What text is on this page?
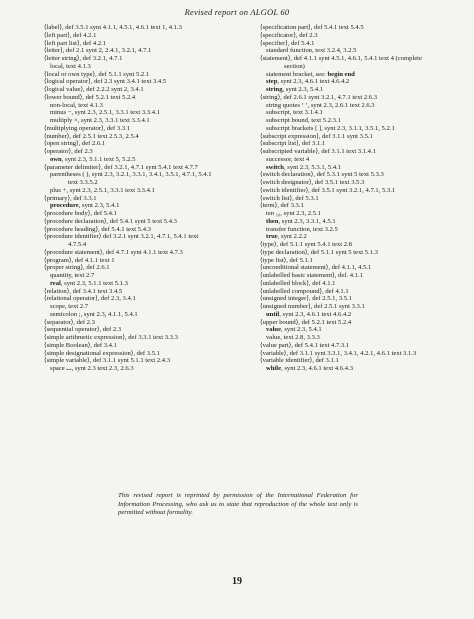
Revised report on ALGOL 60
⟨label⟩, def 3.5.1 synt 4.1.1, 4.5.1, 4.6.1 text 1, 4.1.3
⟨left part⟩, def 4.2.1
⟨left part list⟩, def 4.2.1
⟨letter⟩, def 2.1 synt 2, 2.4.1, 3.2.1, 4.7.1
⟨letter string⟩, def 3.2.1, 4.7.1
local, text 4.1.3
⟨local or own type⟩, def 5.1.1 synt 5.2.1
⟨logical operator⟩, def 2.3 synt 3.4.1 text 3.4.5
⟨logical value⟩, def 2.2.2 synt 2, 3.4.1
⟨lower bound⟩, def 5.2.1 text 5.2.4
non-local, text 4.1.3
minus −, synt 2.3, 2.5.1, 3.3.1 text 3.3.4.1
multiply ×, synt 2.3, 3.3.1 text 3.3.4.1
⟨multiplying operator⟩, def 3.3.1
⟨number⟩, def 2.5.1 text 2.5.3, 2.5.4
⟨open string⟩, def 2.6.1
⟨operator⟩, def 2.3
own, synt 2.3, 5.1.1 text 5, 5.2.5
⟨parameter delimiter⟩, def 3.2.1, 4.7.1 synt 5.4.1 text 4.7.7
parentheses ( ), synt 2.3, 3.2.1, 3.3.1, 3.4.1, 3.5.1, 4.7.1, 5.4.1
text 3.3.5.2
plus +, synt 2.3, 2.5.1, 3.3.1 text 3.3.4.1
⟨primary⟩, def 3.3.1
procedure, synt 2.3, 5.4.1
⟨procedure body⟩, def 5.4.1
⟨procedure declaration⟩, def 5.4.1 synt 5 text 5.4.3
⟨procedure heading⟩, def 5.4.1 text 5.4.3
⟨procedure identifier⟩ def 3.2.1 synt 3.2.1, 4.7.1, 5.4.1 text
4.7.5.4
⟨procedure statement⟩, def 4.7.1 synt 4.1.1 text 4.7.3
⟨program⟩, def 4.1.1 text 1
⟨proper string⟩, def 2.6.1
quantity, text 2.7
real, synt 2.3, 5.1.1 text 5.1.3
⟨relation⟩, def 3.4.1 text 3.4.5
⟨relational operator⟩, def 2.3, 3.4.1
scope, text 2.7
semicolon ;, synt 2.3, 4.1.1, 5.4.1
⟨separator⟩, def 2.3
⟨sequential operator⟩, def 2.3
⟨simple arithmetic expression⟩, def 3.3.1 text 3.3.3
⟨simple Boolean⟩, def 3.4.1
⟨simple designational expression⟩, def 3.5.1
⟨simple variable⟩, def 3.1.1 synt 5.1.1 text 2.4.3
space ⌴, synt 2.3 text 2.3, 2.6.3
⟨specification part⟩, def 5.4.1 text 5.4.5
⟨specificator⟩, def 2.3
⟨specifier⟩, def 5.4.1
standard function, text 3.2.4, 3.2.5
⟨statement⟩, def 4.1.1 synt 4.5.1, 4.6.1, 5.4.1 text 4 (complete
section)
statement bracket, see: begin end
step, synt 2.3, 4.6.1 text 4.6.4.2
string, synt 2.3, 5.4.1
⟨string⟩, def 2.6.1 synt 3.2.1, 4.7.1 text 2.6.3
string quotes ‘ ’, synt 2.3, 2.6.1 text 2.6.3
subscript, text 3.1.4.1
subscript bound, text 5.2.3.1
subscript brackets [ ], synt 2.3, 3.1.1, 3.5.1, 5.2.1
⟨subscript expression⟩, def 3.1.1 synt 3.5.1
⟨subscript list⟩, def 3.1.1
⟨subscripted variable⟩, def 3.1.1 text 3.1.4.1
successor, text 4
switch, synt 2.3, 5.3.1, 5.4.1
⟨switch declaration⟩, def 5.3.1 synt 5 text 5.3.3
⟨switch designator⟩, def 3.5.1 text 3.5.3
⟨switch identifier⟩, def 3.5.1 synt 3.2.1, 4.7.1, 5.3.1
⟨switch list⟩, def 5.3.1
⟨term⟩, def 3.3.1
ten ₁₀, synt 2.3, 2.5.1
then, synt 2.3, 3.3.1, 4.5.1
transfer function, text 3.2.5
true, synt 2.2.2
⟨type⟩, def 5.1.1 synt 5.4.1 text 2.8
⟨type declaration⟩, def 5.1.1 synt 5 text 5.1.3
⟨type list⟩, def 5.1.1
⟨unconditional statement⟩, def 4.1.1, 4.5.1
⟨unlabelled basic statement⟩, def. 4.1.1
⟨unlabelled block⟩, def 4.1.1
⟨unlabelled compound⟩, def 4.1.1
⟨unsigned integer⟩, def 2.5.1, 3.5.1
⟨unsigned number⟩, def 2.5.1 synt 3.3.1
until, synt 2.3, 4.6.1 text 4.6.4.2
⟨upper bound⟩, def 5.2.1 text 5.2.4
value, synt 2.3, 5.4.1
value, text 2.8, 3.3.3
⟨value part⟩, def 5.4.1 text 4.7.3.1
⟨variable⟩, def 3.1.1 synt 3.3.1, 3.4.1, 4.2.1, 4.6.1 text 3.1.3
⟨variable identifier⟩, def 3.1.1
while, synt 2.3, 4.6.1 text 4.6.4.3
This revised report is reprinted by permission of the International Federation for Information Processing, who ask us to state that reproduction of the whole text only is permitted without formality.
19
